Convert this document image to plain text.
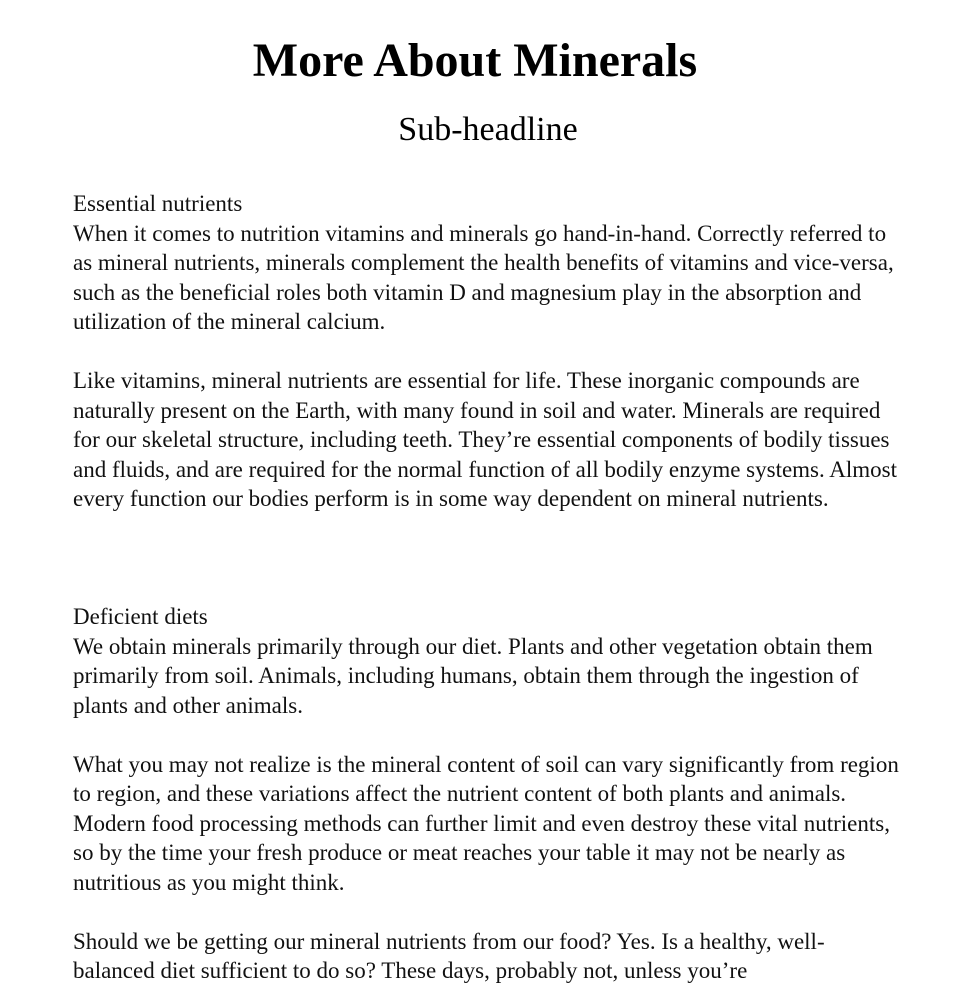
More About Minerals
Sub-headline

Essential nutrients

When it comes to nutrition vitamins and minerals go hand-in-hand. Correctly referred to as mineral nutrients, minerals complement the health benefits of vitamins and vice-versa, such as the beneficial roles both vitamin D and magnesium play in the absorption and utilization of the mineral calcium.

Like vitamins, mineral nutrients are essential for life. These inorganic compounds are naturally present on the Earth, with many found in soil and water. Minerals are required for our skeletal structure, including teeth. They’re essential components of bodily tissues and fluids, and are required for the normal function of all bodily enzyme systems. Almost every function our bodies perform is in some way dependent on mineral nutrients.

Deficient diets

We obtain minerals primarily through our diet. Plants and other vegetation obtain them primarily from soil. Animals, including humans, obtain them through the ingestion of plants and other animals.

What you may not realize is the mineral content of soil can vary significantly from region to region, and these variations affect the nutrient content of both plants and animals. Modern food processing methods can further limit and even destroy these vital nutrients, so by the time your fresh produce or meat reaches your table it may not be nearly as nutritious as you might think.

Should we be getting our mineral nutrients from our food? Yes. Is a healthy, well-balanced diet sufficient to do so? These days, probably not, unless you’re
